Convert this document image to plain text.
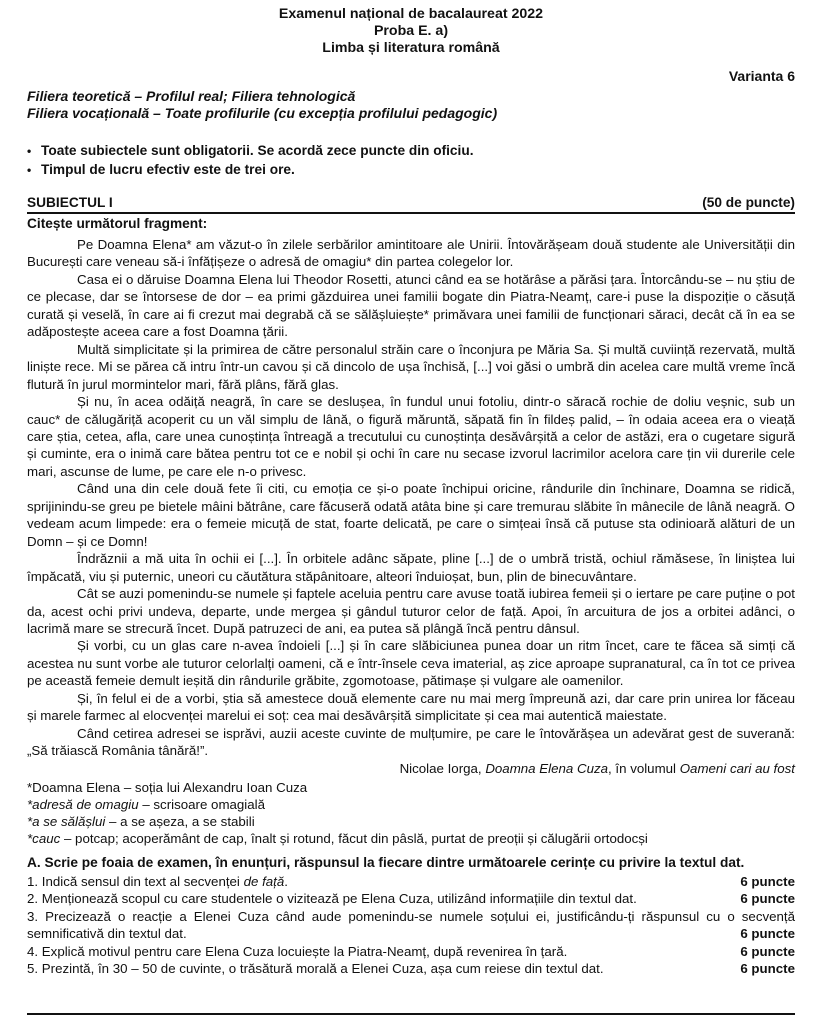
Examenul național de bacalaureat 2022
Proba E. a)
Limba și literatura română
Varianta 6
Filiera teoretică – Profilul real; Filiera tehnologică
Filiera vocațională – Toate profilurile (cu excepția profilului pedagogic)
• Toate subiectele sunt obligatorii. Se acordă zece puncte din oficiu.
• Timpul de lucru efectiv este de trei ore.
SUBIECTUL I	(50 de puncte)
Citește următorul fragment:

Pe Doamna Elena* am văzut-o în zilele serbărilor amintitoare ale Unirii. Întovărășeam două studente ale Universității din București care veneau să-i înfățișeze o adresă de omagiu* din partea colegelor lor.

Casa ei o dăruise Doamna Elena lui Theodor Rosetti, atunci când ea se hotărâse a părăsi țara. Întorcându-se – nu știu de ce plecase, dar se întorsese de dor – ea primi găzduirea unei familii bogate din Piatra-Neamț, care-i puse la dispoziție o căsuță curată și veselă, în care ai fi crezut mai degrabă că se sălășluiește* primăvara unei familii de funcționari săraci, decât că în ea se adăpostește aceea care a fost Doamna țării.

Multă simplicitate și la primirea de către personalul străin care o înconjura pe Măria Sa. Și multă cuviință rezervată, multă liniște rece. Mi se părea că intru într-un cavou și că dincolo de ușa închisă, [...] voi găsi o umbră din acelea care multă vreme încă flutură în jurul mormintelor mari, fără plâns, fără glas.

Și nu, în acea odăiță neagră, în care se deslușea, în fundul unui fotoliu, dintr-o săracă rochie de doliu veșnic, sub un cauc* de călugăriță acoperit cu un văl simplu de lână, o figură măruntă, săpată fin în fildeș palid, – în odaia aceea era o vieață care știa, cetea, afla, care unea cunoștința întreagă a trecutului cu cunoștința desăvârșită a celor de astăzi, era o cugetare sigură și cuminte, era o inimă care bătea pentru tot ce e nobil și ochi în care nu secase izvorul lacrimilor acelora care țin vii durerile cele mari, ascunse de lume, pe care ele n-o privesc.

Când una din cele două fete îi citi, cu emoția ce și-o poate închipui oricine, rândurile din închinare, Doamna se ridică, sprijinindu-se greu pe bietele mâini bătrâne, care făcuseră odată atâta bine și care tremurau slăbite în mânecile de lână neagră. O vedeam acum limpede: era o femeie micuță de stat, foarte delicată, pe care o simțeai însă că putuse sta odinioară alături de un Domn – și ce Domn!

Îndrăznii a mă uita în ochii ei [...]. În orbitele adânc săpate, pline [...] de o umbră tristă, ochiul rămăsese, în liniștea lui împăcată, viu și puternic, uneori cu căutătura stăpânitoare, alteori înduioșat, bun, plin de binecuvântare.

Cât se auzi pomenindu-se numele și faptele aceluia pentru care avuse toată iubirea femeii și o iertare pe care puține o pot da, acest ochi privi undeva, departe, unde mergea și gândul tuturor celor de față. Apoi, în arcuitura de jos a orbitei adânci, o lacrimă mare se strecură încet. După patruzeci de ani, ea putea să plângă încă pentru dânsul.

Și vorbi, cu un glas care n-avea îndoieli [...] și în care slăbiciunea punea doar un ritm încet, care te făcea să simți că acestea nu sunt vorbe ale tuturor celorlalți oameni, că e într-însele ceva imaterial, aș zice aproape supranatural, ca în tot ce privea pe această femeie demult ieșită din rândurile grăbite, zgomotoase, pătimașe și vulgare ale oamenilor.

Și, în felul ei de a vorbi, știa să amestece două elemente care nu mai merg împreună azi, dar care prin unirea lor făceau și marele farmec al elocvenței marelui ei soț: cea mai desăvârșită simplicitate și cea mai autentică maiestate.

Când cetirea adresei se isprăvi, auzii aceste cuvinte de mulțumire, pe care le întovărășea un adevărat gest de suverană: „Să trăiască România tânără!”.

Nicolae Iorga, Doamna Elena Cuza, în volumul Oameni cari au fost
*Doamna Elena – soția lui Alexandru Ioan Cuza
*adresă de omagiu – scrisoare omagială
*a se sălășlui – a se așeza, a se stabili
*cauc – potcap; acoperământ de cap, înalt și rotund, făcut din pâslă, purtat de preoții și călugării ortodocși
A. Scrie pe foaia de examen, în enunțuri, răspunsul la fiecare dintre următoarele cerințe cu privire la textul dat.
1. Indică sensul din text al secvenței de față.	6 puncte
2. Menționează scopul cu care studentele o vizitează pe Elena Cuza, utilizând informațiile din textul dat.	6 puncte
3. Precizează o reacție a Elenei Cuza când aude pomenindu-se numele soțului ei, justificându-ți răspunsul cu o secvență semnificativă din textul dat.	6 puncte
4. Explică motivul pentru care Elena Cuza locuiește la Piatra-Neamț, după revenirea în țară.	6 puncte
5. Prezintă, în 30 – 50 de cuvinte, o trăsătură morală a Elenei Cuza, așa cum reiese din textul dat.	6 puncte
